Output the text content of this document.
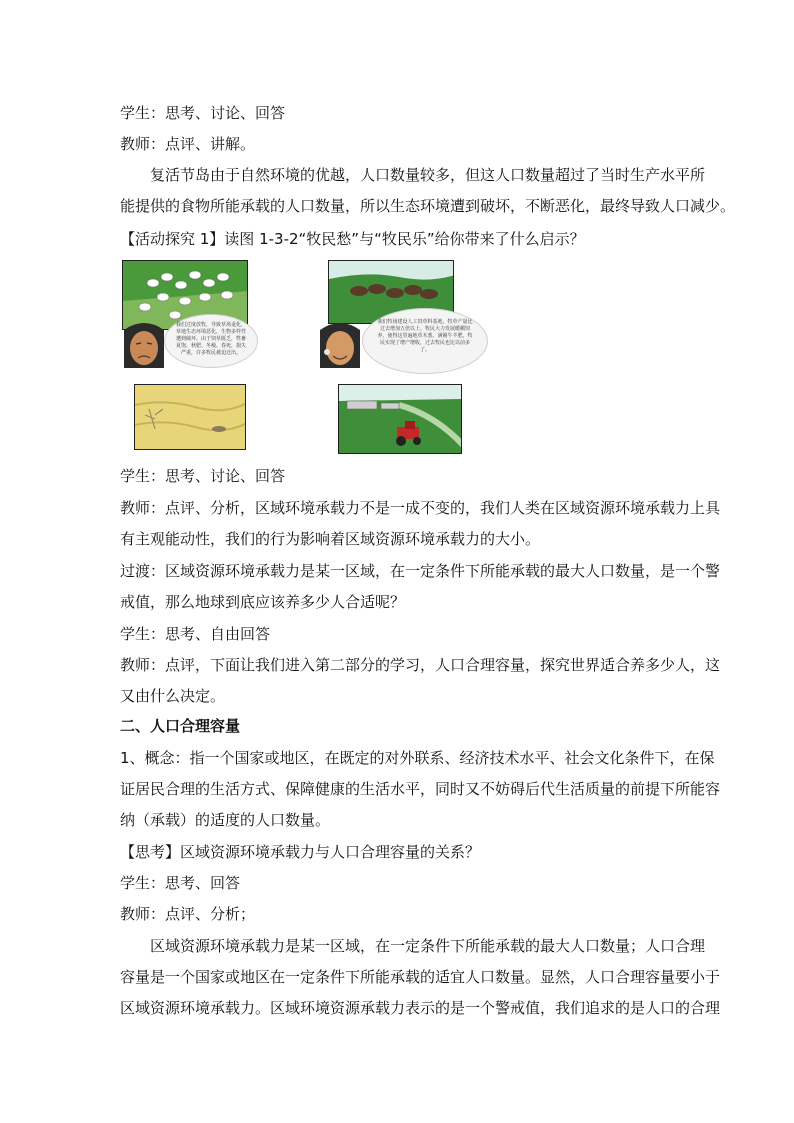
学生：思考、讨论、回答
教师：点评、讲解。
复活节岛由于自然环境的优越，人口数量较多，但这人口数量超过了当时生产水平所
能提供的食物所能承载的人口数量，所以生态环境遭到破坏，不断恶化，最终导致人口减少。
【活动探究 1】读图 1-3-2“牧民愁”与“牧民乐”给你带来了什么启示？
我们过度放牧，导致草场退化，草地生态环境恶化，生物多样性遭到破坏。由于饲草匮乏，牲畜夏饱、秋肥、冬瘦、春死，损失严重，许多牧民被迫迁出。
我们牧场建设人工饲草料基地，牧草产量比过去增加五倍以上。牧民大力发展暖棚饲养，使得这里遍地草木葱、满圈牛羊肥。牧民实现了增产增收，过去牧民也比以前多了。
学生：思考、讨论、回答
教师：点评、分析，区域环境承载力不是一成不变的，我们人类在区域资源环境承载力上具
有主观能动性，我们的行为影响着区域资源环境承载力的大小。
过渡：区域资源环境承载力是某一区域，在一定条件下所能承载的最大人口数量，是一个警
戒值，那么地球到底应该养多少人合适呢？
学生：思考、自由回答
教师：点评，下面让我们进入第二部分的学习，人口合理容量，探究世界适合养多少人，这
又由什么决定。
二、人口合理容量
1、概念：指一个国家或地区，在既定的对外联系、经济技术水平、社会文化条件下，在保
证居民合理的生活方式、保障健康的生活水平，同时又不妨碍后代生活质量的前提下所能容
纳（承载）的适度的人口数量。
【思考】区域资源环境承载力与人口合理容量的关系？
学生：思考、回答
教师：点评、分析；
区域资源环境承载力是某一区域，在一定条件下所能承载的最大人口数量；人口合理
容量是一个国家或地区在一定条件下所能承载的适宜人口数量。显然，人口合理容量要小于
区域资源环境承载力。区域环境资源承载力表示的是一个警戒值，我们追求的是人口的合理
